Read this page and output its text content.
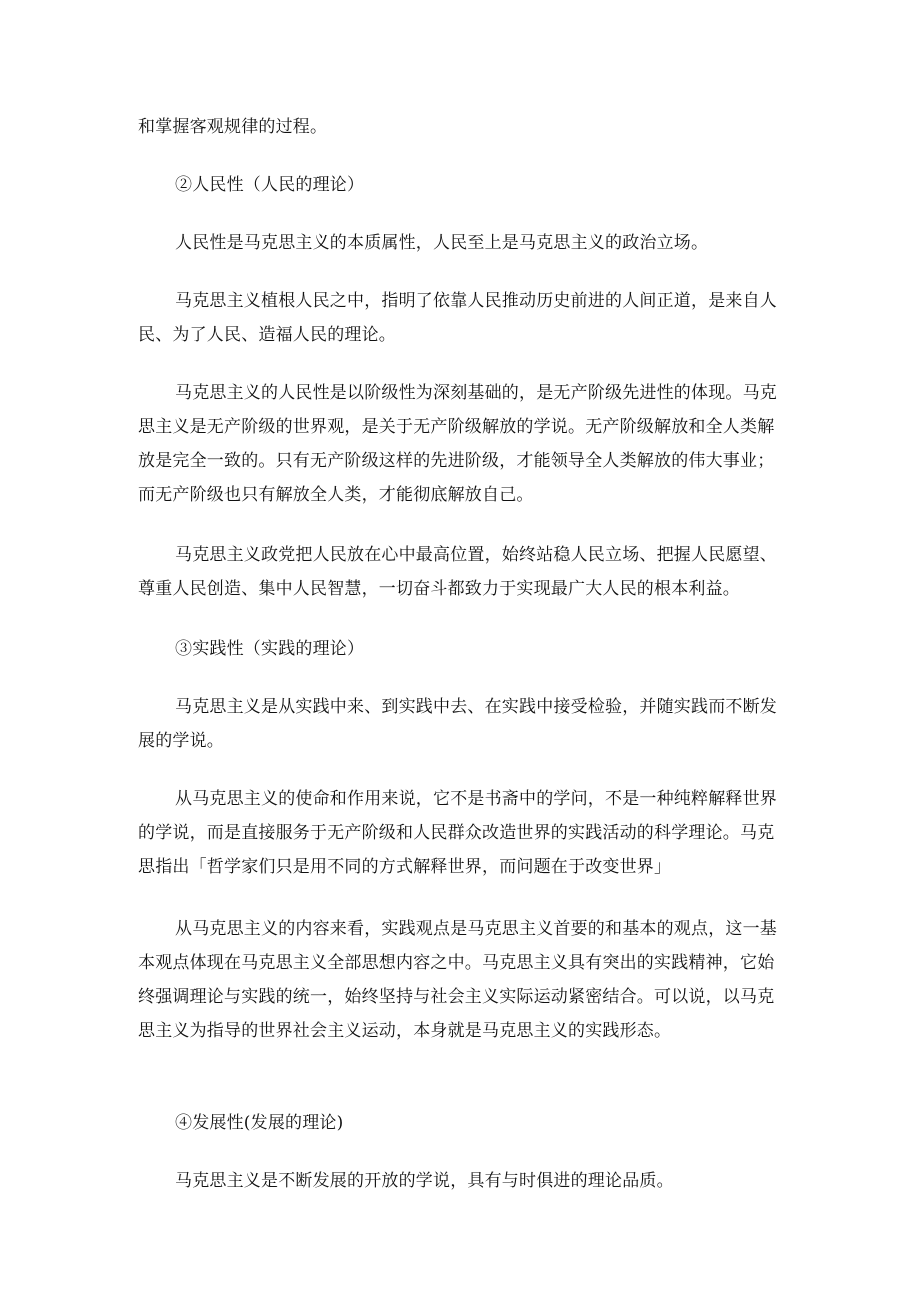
和掌握客观规律的过程。

②人民性（人民的理论）

人民性是马克思主义的本质属性，人民至上是马克思主义的政治立场。

马克思主义植根人民之中，指明了依靠人民推动历史前进的人间正道，是来自人民、为了人民、造福人民的理论。

马克思主义的人民性是以阶级性为深刻基础的，是无产阶级先进性的体现。马克思主义是无产阶级的世界观，是关于无产阶级解放的学说。无产阶级解放和全人类解放是完全一致的。只有无产阶级这样的先进阶级，才能领导全人类解放的伟大事业；而无产阶级也只有解放全人类，才能彻底解放自己。

马克思主义政党把人民放在心中最高位置，始终站稳人民立场、把握人民愿望、尊重人民创造、集中人民智慧，一切奋斗都致力于实现最广大人民的根本利益。

③实践性（实践的理论）

马克思主义是从实践中来、到实践中去、在实践中接受检验，并随实践而不断发展的学说。

从马克思主义的使命和作用来说，它不是书斋中的学问，不是一种纯粹解释世界的学说，而是直接服务于无产阶级和人民群众改造世界的实践活动的科学理论。马克思指出「哲学家们只是用不同的方式解释世界，而问题在于改变世界」

从马克思主义的内容来看，实践观点是马克思主义首要的和基本的观点，这一基本观点体现在马克思主义全部思想内容之中。马克思主义具有突出的实践精神，它始终强调理论与实践的统一，始终坚持与社会主义实际运动紧密结合。可以说，以马克思主义为指导的世界社会主义运动，本身就是马克思主义的实践形态。

④发展性(发展的理论)

马克思主义是不断发展的开放的学说，具有与时俱进的理论品质。
